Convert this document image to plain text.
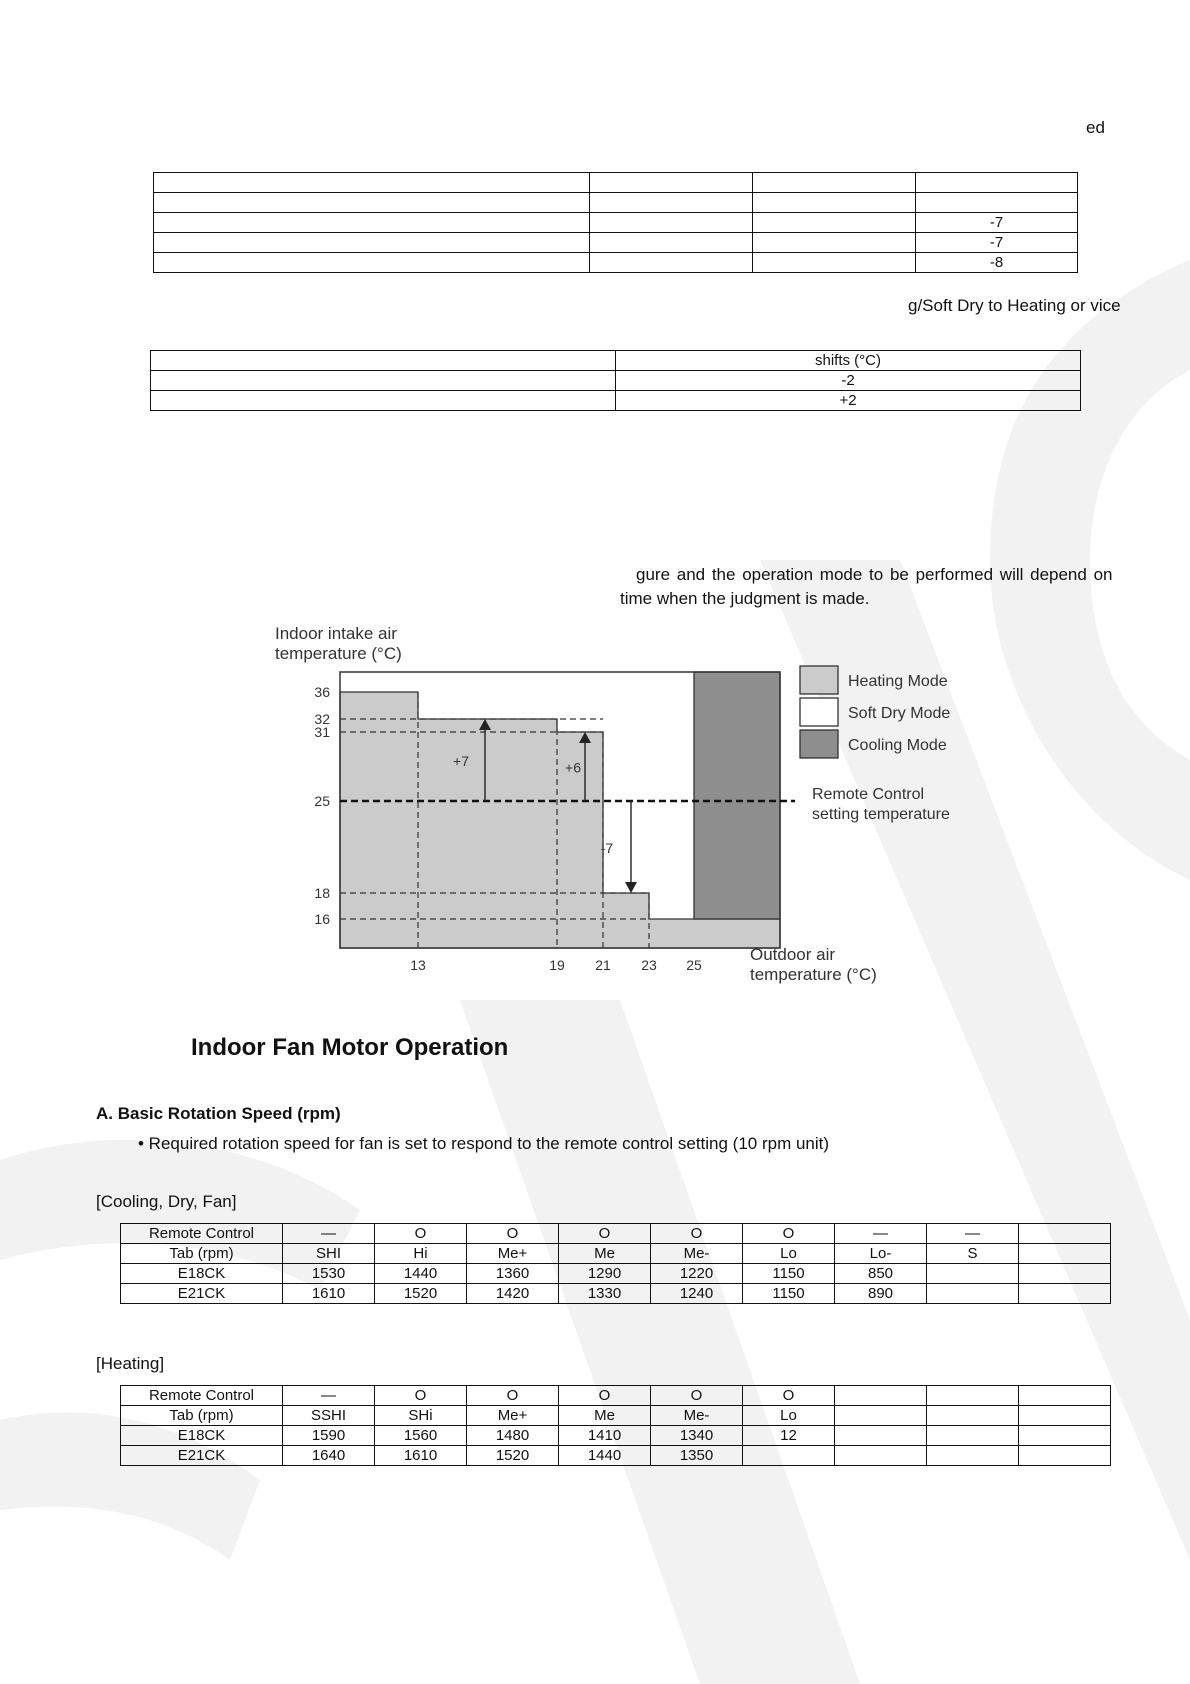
ed

			-7
			-7
			-8
g/Soft Dry to Heating or vice
	shifts (°C)
	-2
	+2
gure and the operation mode to be performed will depend on
time when the judgment is made.
Indoor intake air
temperature (°C)
+7	+6
-7
36
32
31
25
18
16
13	19 21 23 25
Heating Mode
Soft Dry Mode
Cooling Mode
Remote Control
setting temperature
Outdoor air
temperature (°C)
Indoor Fan Motor Operation
A. Basic Rotation Speed (rpm)
• Required rotation speed for fan is set to respond to the remote control setting (10 rpm unit)
[Cooling, Dry, Fan]
Remote Control	—	O	O	O	O	O	—	—	
Tab (rpm)	SHI	Hi	Me+	Me	Me-	Lo	Lo-	S	
E18CK	1530	1440	1360	1290	1220	1150	850		
E21CK	1610	1520	1420	1330	1240	1150	890		
[Heating]
Remote Control	—	O	O	O	O	O			
Tab (rpm)	SSHI	SHi	Me+	Me	Me-	Lo			
E18CK	1590	1560	1480	1410	1340	12			
E21CK	1640	1610	1520	1440	1350				
